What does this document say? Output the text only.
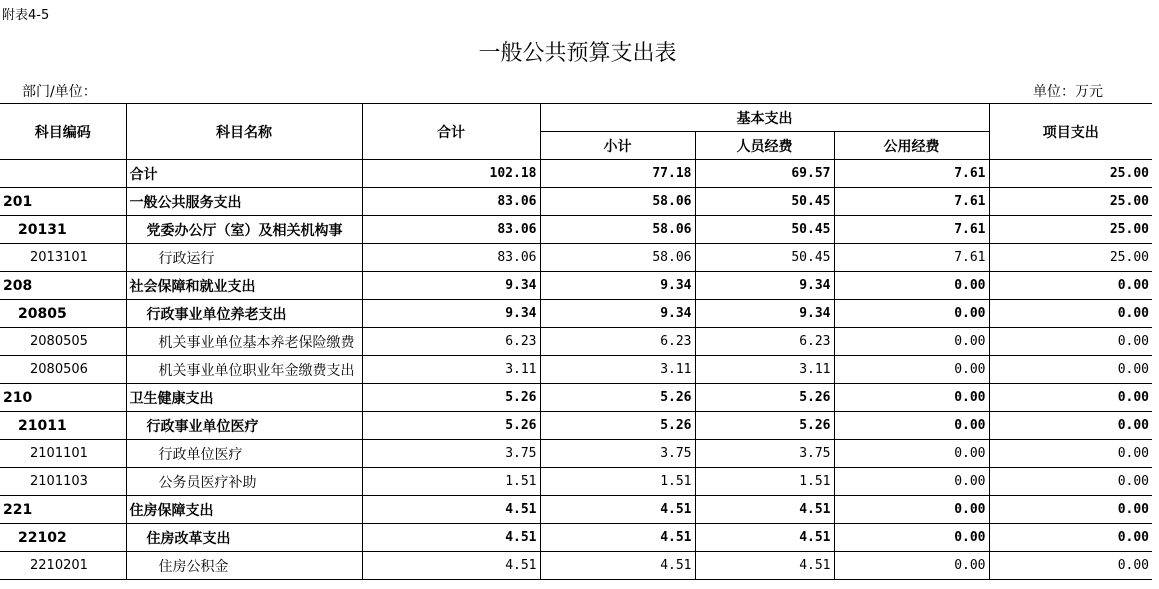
附表4-5
一般公共预算支出表
部门/单位：	单位：万元
科目编码	科目名称	合计	基本支出			项目支出
			小计	人员经费	公用经费	
	合计	102.18	77.18	69.57	7.61	25.00
201	一般公共服务支出	83.06	58.06	50.45	7.61	25.00
20131	党委办公厅（室）及相关机构事	83.06	58.06	50.45	7.61	25.00
2013101	行政运行	83.06	58.06	50.45	7.61	25.00
208	社会保障和就业支出	9.34	9.34	9.34	0.00	0.00
20805	行政事业单位养老支出	9.34	9.34	9.34	0.00	0.00
2080505	机关事业单位基本养老保险缴费	6.23	6.23	6.23	0.00	0.00
2080506	机关事业单位职业年金缴费支出	3.11	3.11	3.11	0.00	0.00
210	卫生健康支出	5.26	5.26	5.26	0.00	0.00
21011	行政事业单位医疗	5.26	5.26	5.26	0.00	0.00
2101101	行政单位医疗	3.75	3.75	3.75	0.00	0.00
2101103	公务员医疗补助	1.51	1.51	1.51	0.00	0.00
221	住房保障支出	4.51	4.51	4.51	0.00	0.00
22102	住房改革支出	4.51	4.51	4.51	0.00	0.00
2210201	住房公积金	4.51	4.51	4.51	0.00	0.00
